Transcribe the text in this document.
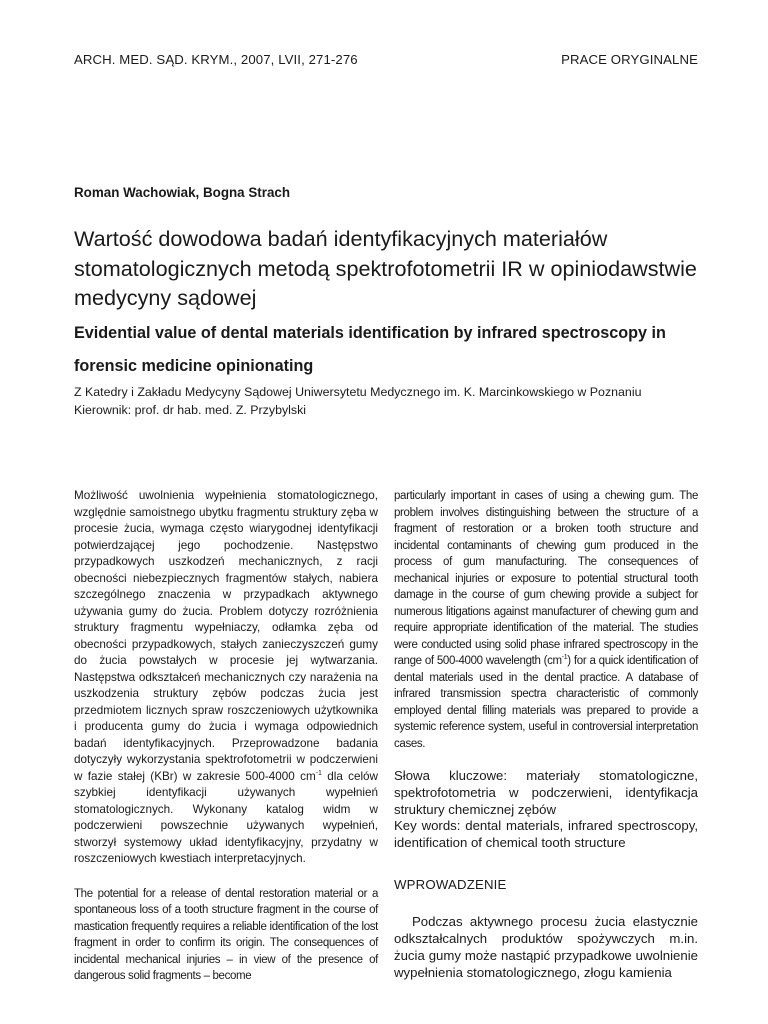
ARCH. MED. SĄD. KRYM., 2007, LVII, 271-276	PRACE ORYGINALNE
Roman Wachowiak, Bogna Strach
Wartość dowodowa badań identyfikacyjnych materiałów stomatologicznych metodą spektrofotometrii IR w opiniodawstwie medycyny sądowej
Evidential value of dental materials identification by infrared spectroscopy in forensic medicine opinionating
Z Katedry i Zakładu Medycyny Sądowej Uniwersytetu Medycznego im. K. Marcinkowskiego w Poznaniu
Kierownik: prof. dr hab. med. Z. Przybylski

Możliwość uwolnienia wypełnienia stomatologicznego, względnie samoistnego ubytku fragmentu struktury zęba w procesie żucia, wymaga często wiarygodnej identyfikacji potwierdzającej jego pochodzenie. Następstwo przypadkowych uszkodzeń mechanicznych, z racji obecności niebezpiecznych fragmentów stałych, nabiera szczególnego znaczenia w przypadkach aktywnego używania gumy do żucia. Problem dotyczy rozróżnienia struktury fragmentu wypełniaczy, odłamka zęba od obecności przypadkowych, stałych zanieczyszczeń gumy do żucia powstałych w procesie jej wytwarzania. Następstwa odkształceń mechanicznych czy narażenia na uszkodzenia struktury zębów podczas żucia jest przedmiotem licznych spraw roszczeniowych użytkownika i producenta gumy do żucia i wymaga odpowiednich badań identyfikacyjnych. Przeprowadzone badania dotyczyły wykorzystania spektrofotometrii w podczerwieni w fazie stałej (KBr) w zakresie 500-4000 $cm^{-1}$ dla celów szybkiej identyfikacji używanych wypełnień stomatologicznych. Wykonany katalog widm w podczerwieni powszechnie używanych wypełnień, stworzył systemowy układ identyfikacyjny, przydatny w roszczeniowych kwestiach interpretacyjnych.

The potential for a release of dental restoration material or a spontaneous loss of a tooth structure fragment in the course of mastication frequently requires a reliable identification of the lost fragment in order to confirm its origin. The consequences of incidental mechanical injuries – in view of the presence of dangerous solid fragments – become

particularly important in cases of using a chewing gum. The problem involves distinguishing between the structure of a fragment of restoration or a broken tooth structure and incidental contaminants of chewing gum produced in the process of gum manufacturing. The consequences of mechanical injuries or exposure to potential structural tooth damage in the course of gum chewing provide a subject for numerous litigations against manufacturer of chewing gum and require appropriate identification of the material. The studies were conducted using solid phase infrared spectroscopy in the range of 500-4000 wavelength $(cm^{-1})$ for a quick identification of dental materials used in the dental practice. A database of infrared transmission spectra characteristic of commonly employed dental filling materials was prepared to provide a systemic reference system, useful in controversial interpretation cases.

Słowa kluczowe: materiały stomatologiczne, spektrofotometria w podczerwieni, identyfikacja struktury chemicznej zębów

Key words: dental materials, infrared spectroscopy, identification of chemical tooth structure

WPROWADZENIE

Podczas aktywnego procesu żucia elastycznie odkształcalnych produktów spożywczych m.in. żucia gumy może nastąpić przypadkowe uwolnienie wypełnienia stomatologicznego, złogu kamienia
